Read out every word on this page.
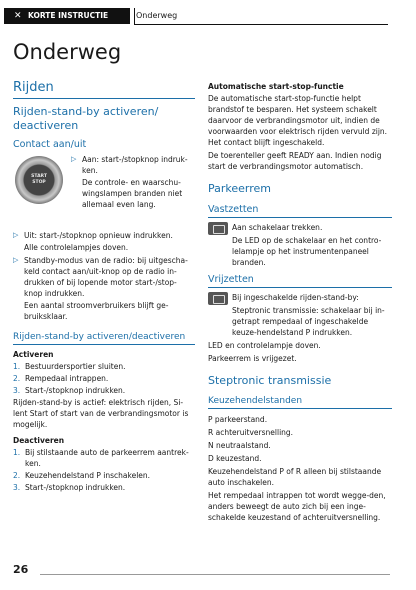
✕ KORTE INSTRUCTIE	Onderweg
Onderweg
Rijden
Rijden-stand-by activeren/ deactiveren
Contact aan/uit
START
STOP
▷ Aan: start-/stopknop indruk-ken.

De controle- en waarschu-wingslampen branden niet allemaal even lang.

▷ Uit: start-/stopknop opnieuw indrukken.

Alle controlelampjes doven.

▷ Standby-modus van de radio: bij uitgescha-keld contact aan/uit-knop op de radio in-drukken of bij lopende motor start-/stop-knop indrukken.

Een aantal stroomverbruikers blijft ge-bruiksklaar.

Rijden-stand-by activeren/deactiveren
Activeren
1. Bestuurdersportier sluiten.
2. Rempedaal intrappen.
3. Start-/stopknop indrukken.

Rijden-stand-by is actief: elektrisch rijden, Si-lent Start of start van de verbrandingsmotor is mogelijk.

Deactiveren
1. Bij stilstaande auto de parkeerrem aantrek-ken.
2. Keuzehendelstand P inschakelen.
3. Start-/stopknop indrukken.
Automatische start-stop-functie

De automatische start-stop-functie helpt brandstof te besparen. Het systeem schakelt daarvoor de verbrandingsmotor uit, indien de voorwaarden voor elektrisch rijden vervuld zijn. Het contact blijft ingeschakeld.

De toerenteller geeft READY aan. Indien nodig start de verbrandingsmotor automatisch.

Parkeerrem
Vastzetten

Aan schakelaar trekken.

De LED op de schakelaar en het contro-lelampje op het instrumentenpaneel branden.

Vrijzetten

Bij ingeschakelde rijden-stand-by:

Steptronic transmissie: schakelaar bij in-getrapt rempedaal of ingeschakelde keuze-hendelstand P indrukken.

LED en controlelampje doven.

Parkeerrem is vrijgezet.

Steptronic transmissie
Keuzehendelstanden

P parkeerstand.

R achteruitversnelling.

N neutraalstand.

D keuzestand.

Keuzehendelstand P of R alleen bij stilstaande auto inschakelen.

Het rempedaal intrappen tot wordt wegge-den, anders beweegt de auto zich bij een inge-schakelde keuzestand of achteruitversnelling.

26
